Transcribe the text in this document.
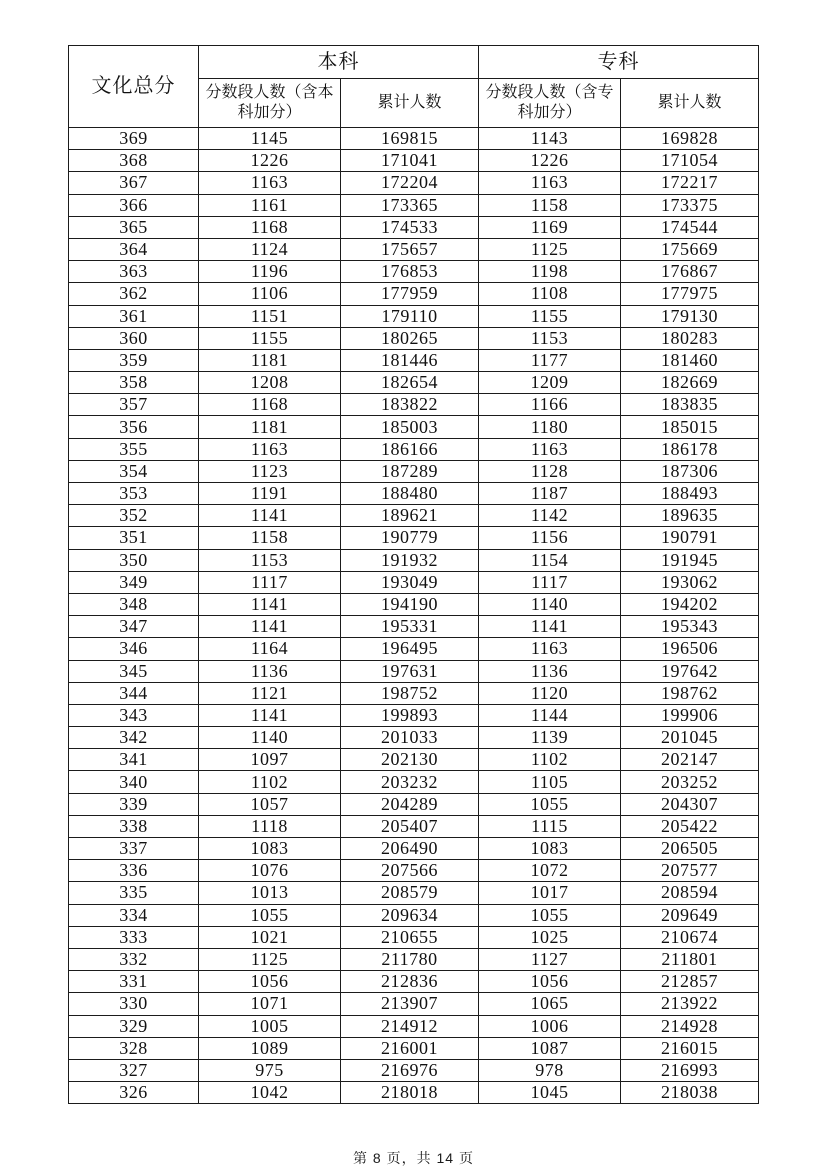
文化总分	本科		专科	
	分数段人数（含本科加分）	累计人数	分数段人数（含专科加分）	累计人数
369	1145	169815	1143	169828
368	1226	171041	1226	171054
367	1163	172204	1163	172217
366	1161	173365	1158	173375
365	1168	174533	1169	174544
364	1124	175657	1125	175669
363	1196	176853	1198	176867
362	1106	177959	1108	177975
361	1151	179110	1155	179130
360	1155	180265	1153	180283
359	1181	181446	1177	181460
358	1208	182654	1209	182669
357	1168	183822	1166	183835
356	1181	185003	1180	185015
355	1163	186166	1163	186178
354	1123	187289	1128	187306
353	1191	188480	1187	188493
352	1141	189621	1142	189635
351	1158	190779	1156	190791
350	1153	191932	1154	191945
349	1117	193049	1117	193062
348	1141	194190	1140	194202
347	1141	195331	1141	195343
346	1164	196495	1163	196506
345	1136	197631	1136	197642
344	1121	198752	1120	198762
343	1141	199893	1144	199906
342	1140	201033	1139	201045
341	1097	202130	1102	202147
340	1102	203232	1105	203252
339	1057	204289	1055	204307
338	1118	205407	1115	205422
337	1083	206490	1083	206505
336	1076	207566	1072	207577
335	1013	208579	1017	208594
334	1055	209634	1055	209649
333	1021	210655	1025	210674
332	1125	211780	1127	211801
331	1056	212836	1056	212857
330	1071	213907	1065	213922
329	1005	214912	1006	214928
328	1089	216001	1087	216015
327	975	216976	978	216993
326	1042	218018	1045	218038
第 8 页，共 14 页
